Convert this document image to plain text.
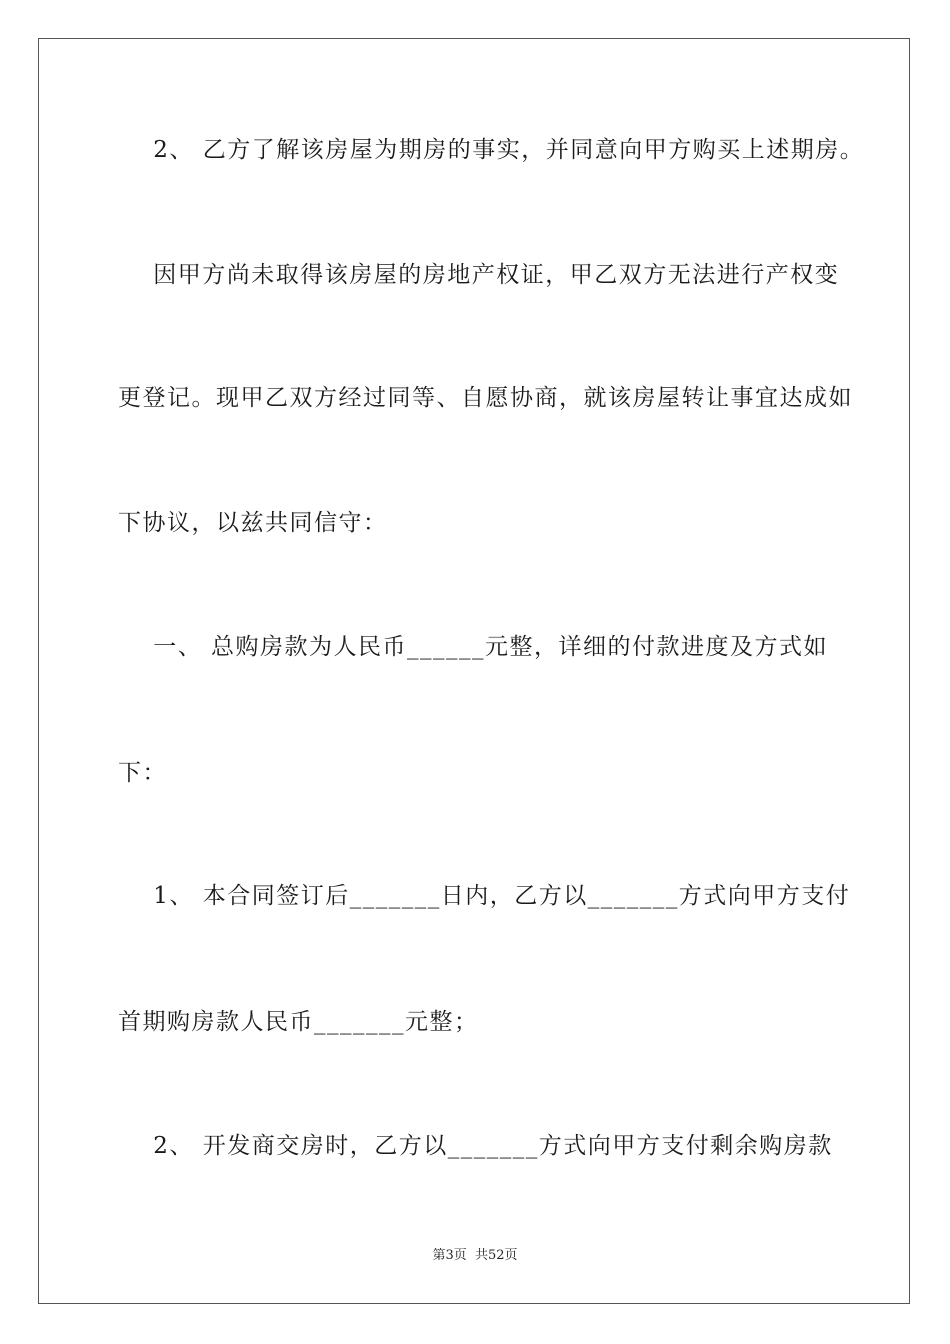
2、 乙方了解该房屋为期房的事实，并同意向甲方购买上述期房。
因甲方尚未取得该房屋的房地产权证，甲乙双方无法进行产权变
更登记。现甲乙双方经过同等、自愿协商，就该房屋转让事宜达成如
下协议，以兹共同信守：
一、 总购房款为人民币______元整，详细的付款进度及方式如
下：
1、 本合同签订后_______日内，乙方以_______方式向甲方支付
首期购房款人民币_______元整；
2、 开发商交房时，乙方以_______方式向甲方支付剩余购房款
第3页  共52页
